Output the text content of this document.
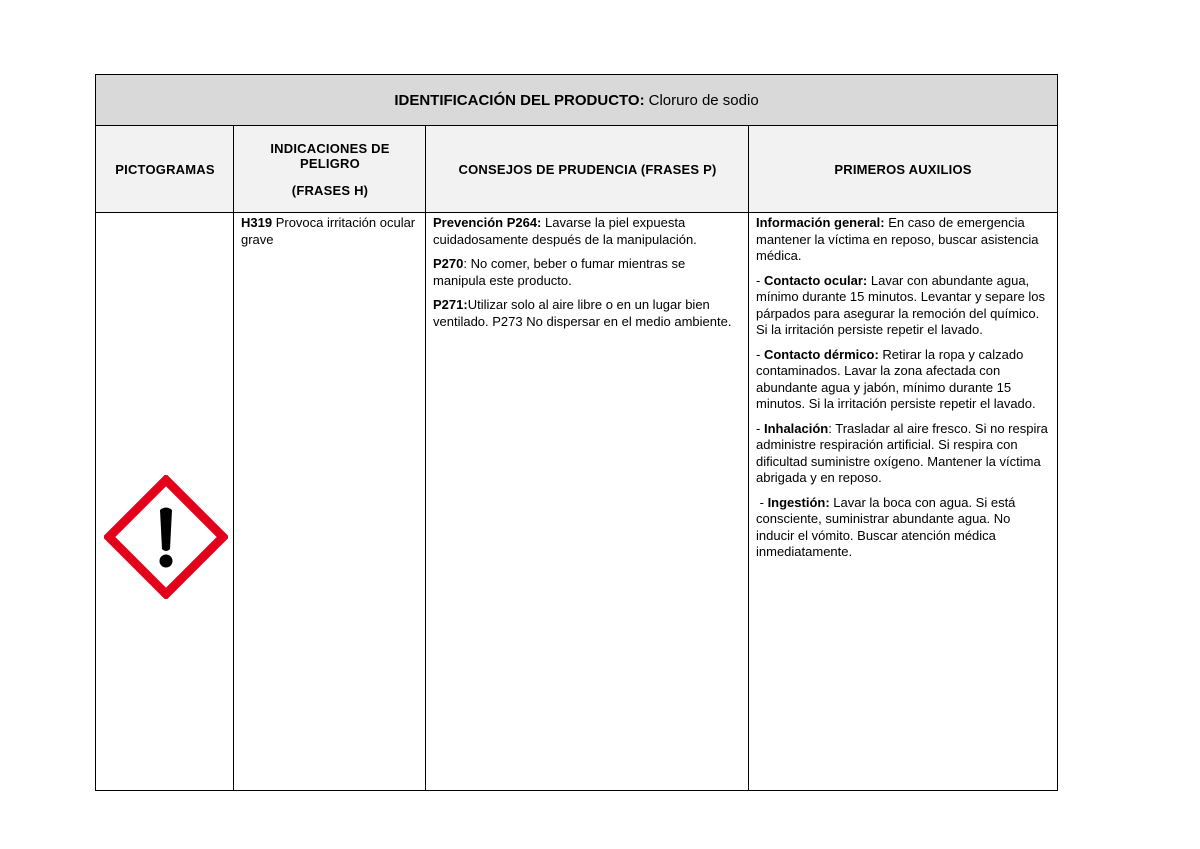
IDENTIFICACIÓN DEL PRODUCTO: Cloruro de sodio
PICTOGRAMAS
INDICACIONES DE
PELIGRO
(FRASES H)
CONSEJOS DE PRUDENCIA (FRASES P)	PRIMEROS AUXILIOS

H319 Provoca irritación ocular grave

Prevención P264: Lavarse la piel expuesta cuidadosamente después de la manipulación.

P270: No comer, beber o fumar mientras se manipula este producto.

P271:Utilizar solo al aire libre o en un lugar bien ventilado. P273 No dispersar en el medio ambiente.

Información general: En caso de emergencia mantener la víctima en reposo, buscar asistencia médica.

- Contacto ocular: Lavar con abundante agua, mínimo durante 15 minutos. Levantar y separe los párpados para asegurar la remoción del químico. Si la irritación persiste repetir el lavado.

- Contacto dérmico: Retirar la ropa y calzado contaminados. Lavar la zona afectada con abundante agua y jabón, mínimo durante 15 minutos. Si la irritación persiste repetir el lavado.

- Inhalación: Trasladar al aire fresco. Si no respira administre respiración artificial. Si respira con dificultad suministre oxígeno. Mantener la víctima abrigada y en reposo.

- Ingestión: Lavar la boca con agua. Si está consciente, suministrar abundante agua. No inducir el vómito. Buscar atención médica inmediatamente.
